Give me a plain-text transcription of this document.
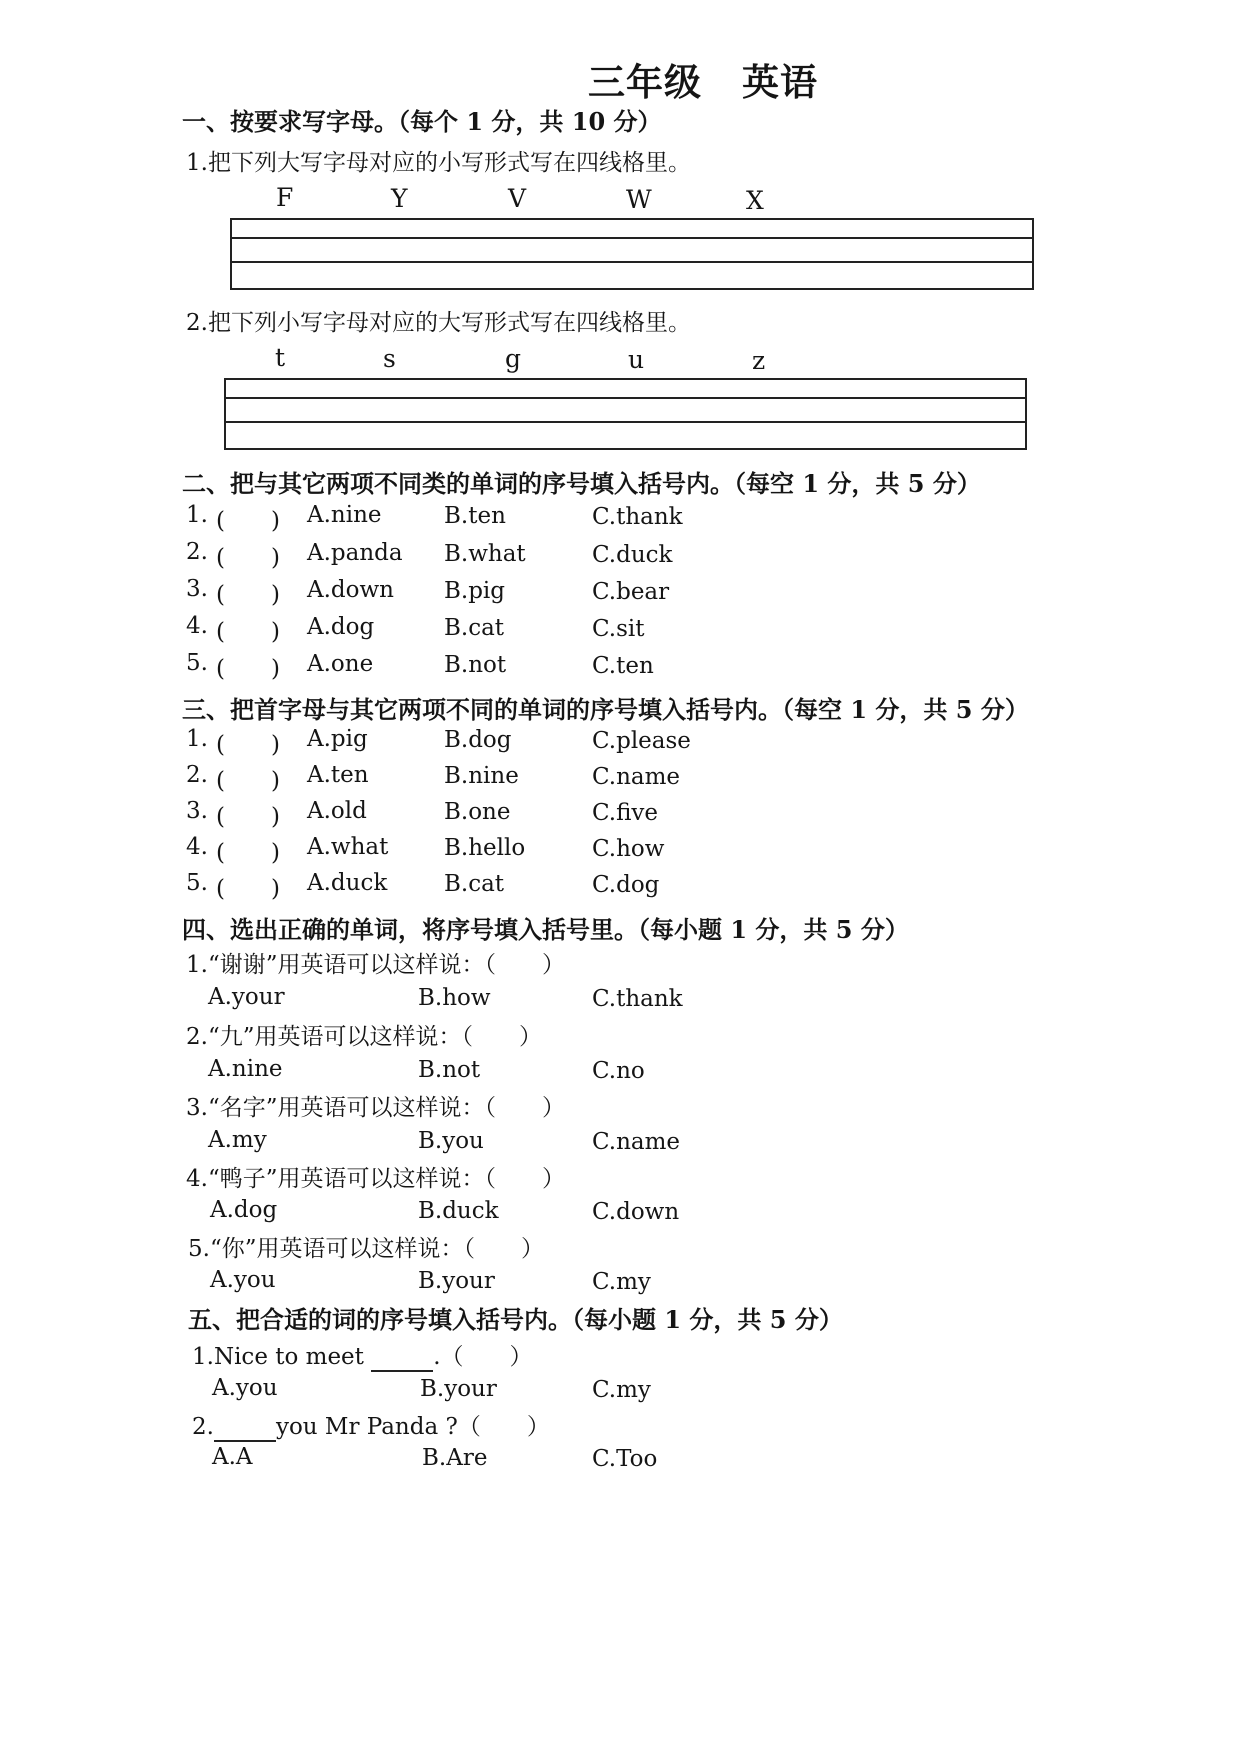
三年级 英语
一、按要求写字母。（每个 1 分，共 10 分）
1.把下列大写字母对应的小写形式写在四线格里。
F	Y	V	W	X
2.把下列小写字母对应的大写形式写在四线格里。
t	s	g	u	z
二、把与其它两项不同类的单词的序号填入括号内。（每空 1 分，共 5 分）
1. (　　) A.nine	B.ten	C.thank
2. (　　) A.panda B.what	C.duck
3. (　　) A.down B.pig	C.bear
4. (　　) A.dog	B.cat	C.sit
5. (　　) A.one	B.not	C.ten
三、把首字母与其它两项不同的单词的序号填入括号内。（每空 1 分，共 5 分）
1. (　　) A.pig	B.dog	C.please
2. (　　) A.ten	B.nine	C.name
3. (　　) A.old	B.one	C.five
4. (　　) A.what B.hello	C.how
5. (　　) A.duck B.cat	C.dog
四、选出正确的单词，将序号填入括号里。（每小题 1 分，共 5 分）
1.“谢谢”用英语可以这样说：（　　）
A.your	B.how	C.thank
2.“九”用英语可以这样说：（　　）
A.nine	B.not	C.no
3.“名字”用英语可以这样说：（　　）
A.my	B.you	C.name
4.“鸭子”用英语可以这样说：（　　）
A.dog	B.duck	C.down
5.“你”用英语可以这样说：（　　）
A.you	B.your	C.my
五、把合适的词的序号填入括号内。（每小题 1 分，共 5 分）
1.Nice to meet	.（　　）
A.you	B.your	C.my
2.	you Mr Panda ?（　　）
A.A	B.Are	C.Too
